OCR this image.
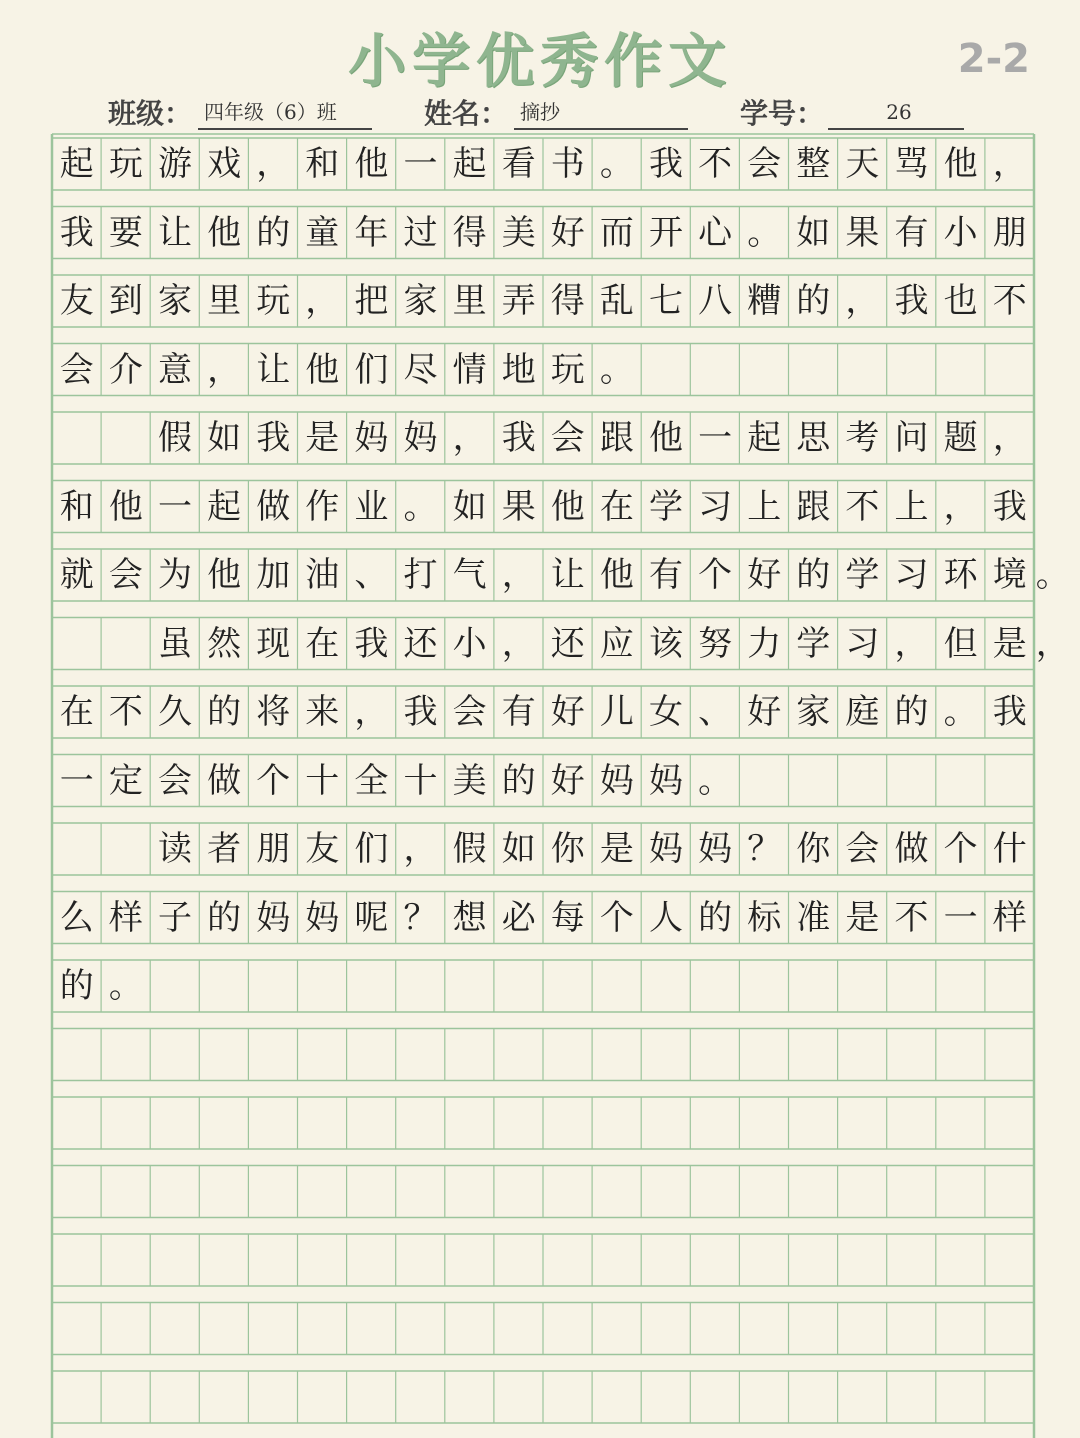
小学优秀作文	2-2
班级： 四年级（6）班	姓名： 摘抄	学号：	26
起 玩 游 戏 ， 和 他 一 起 看 书 。 我 不 会 整 天 骂 他 ，
我 要 让 他 的 童 年 过 得 美 好 而 开 心 。 如 果 有 小 朋
友 到 家 里 玩 ， 把 家 里 弄 得 乱 七 八 糟 的 ， 我 也 不
会 介 意 ， 让 他 们 尽 情 地 玩 。
假 如 我 是 妈 妈 ， 我 会 跟 他 一 起 思 考 问 题 ，
和 他 一 起 做 作 业 。 如 果 他 在 学 习 上 跟 不 上 ， 我
就 会 为 他 加 油 、 打 气 ， 让 他 有 个 好 的 学 习 环 境 。
虽 然 现 在 我 还 小 ， 还 应 该 努 力 学 习 ， 但 是 ，
在 不 久 的 将 来 ， 我 会 有 好 儿 女 、 好 家 庭 的 。 我
一 定 会 做 个 十 全 十 美 的 好 妈 妈 。
读 者 朋 友 们 ， 假 如 你 是 妈 妈 ？ 你 会 做 个 什
么 样 子 的 妈 妈 呢 ？ 想 必 每 个 人 的 标 准 是 不 一 样
的 。
